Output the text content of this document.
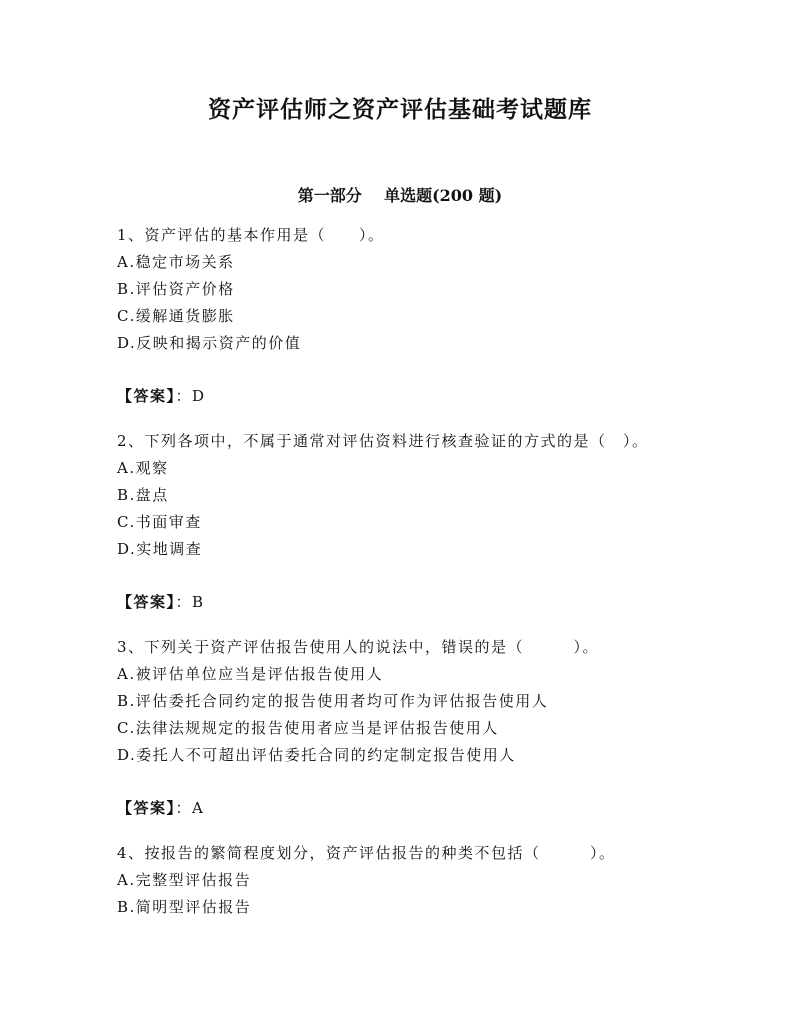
资产评估师之资产评估基础考试题库
第一部分    单选题(200 题)
1、资产评估的基本作用是（　　）。
A.稳定市场关系
B.评估资产价格
C.缓解通货膨胀
D.反映和揭示资产的价值
【答案】：D
2、下列各项中，不属于通常对评估资料进行核查验证的方式的是（　）。
A.观察
B.盘点
C.书面审查
D.实地调查
【答案】：B
3、下列关于资产评估报告使用人的说法中，错误的是（　　　）。
A.被评估单位应当是评估报告使用人
B.评估委托合同约定的报告使用者均可作为评估报告使用人
C.法律法规规定的报告使用者应当是评估报告使用人
D.委托人不可超出评估委托合同的约定制定报告使用人
【答案】：A
4、按报告的繁简程度划分，资产评估报告的种类不包括（　　　）。
A.完整型评估报告
B.简明型评估报告
